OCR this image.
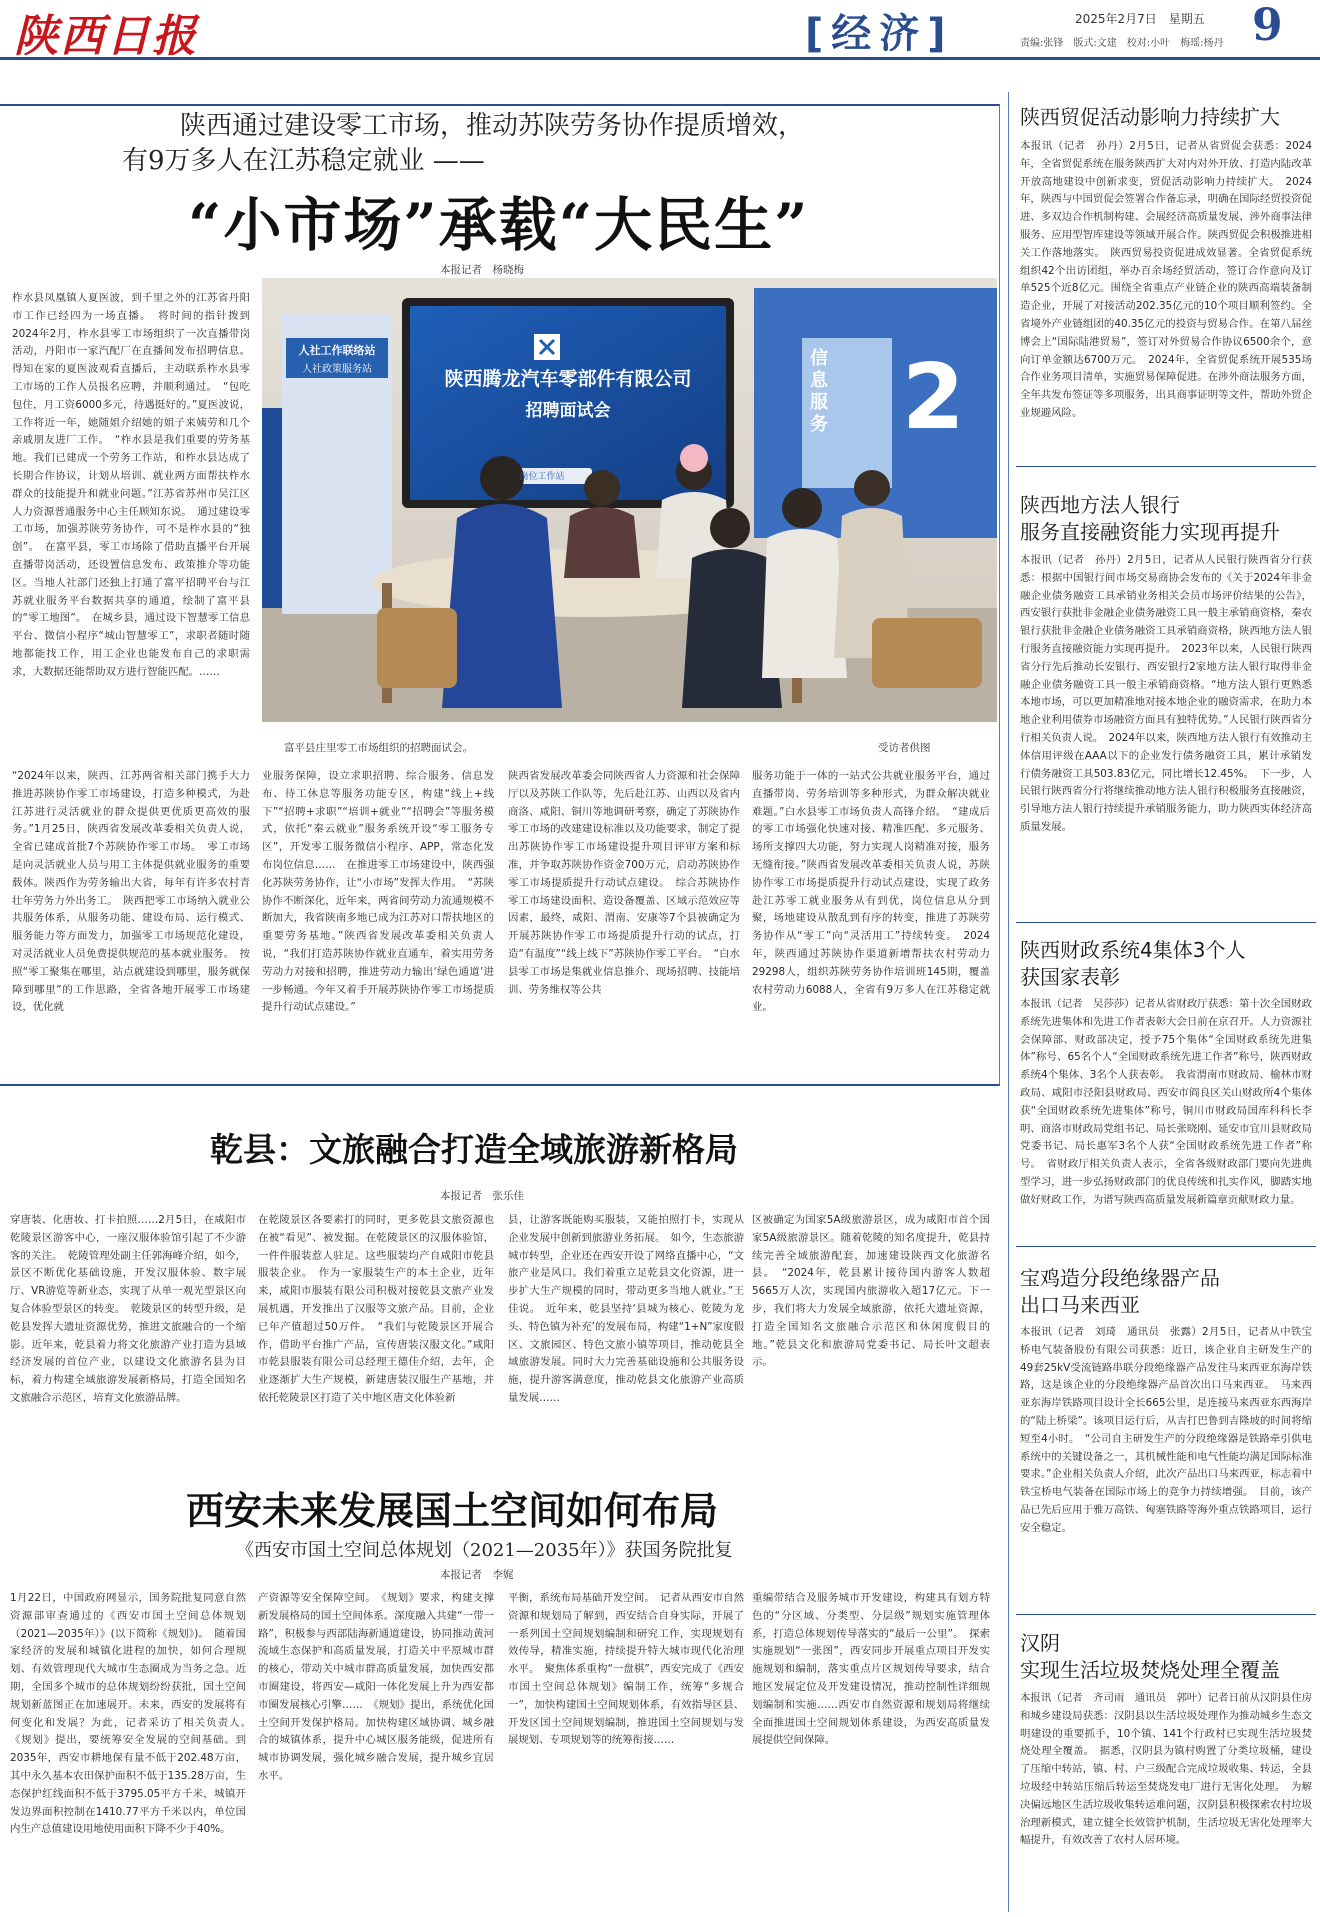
陕西日报	[经济]	2025年2月7日　星期五 9
责编:张锋　版式:文建　校对:小叶　梅瑶:杨丹
陕西通过建设零工市场，推动苏陕劳务协作提质增效，
有9万多人在江苏稳定就业 ——
“小市场”承载“大民生”
本报记者　杨晓梅
2
陕西腾龙汽车零部件有限公司
招聘面试会
岗位工作站
人社工作联络站
人社政策服务站
信息服务
富平县庄里零工市场组织的招聘面试会。	受访者供图
柞水县凤凰镇人夏医波，到千里之外的江苏省丹阳市工作已经四为一场直播。　将时间的指针拨到2024年2月，柞水县零工市场组织了一次直播带岗活动，丹阳市一家汽配厂在直播间发布招聘信息。得知在家的夏医波观看直播后，主动联系柞水县零工市场的工作人员报名应聘，并顺利通过。　“包吃包住，月工资6000多元，待遇挺好的。”夏医波说，工作将近一年，她随姐介绍她的姐子来姨劳和几个亲戚朋友进厂工作。　“柞水县是我们重要的劳务基地。我们已建成一个劳务工作站，和柞水县达成了长期合作协议，计划从培训、就业两方面帮扶柞水群众的技能提升和就业问题。”江苏省苏州市吴江区人力资源普通服务中心主任顾知东说。　通过建设零工市场，加强苏陕劳务协作，可不是柞水县的“独创”。　在富平县，零工市场除了借助直播平台开展直播带岗活动，还设置信息发布、政策推介等功能区。当地人社部门还独上打通了富平招聘平台与江苏就业服务平台数据共享的通道，绘制了富平县的“零工地图”。　在城乡县，通过设下智慧零工信息平台、微信小程序“城山智慧零工”，求职者随时随地都能找工作，用工企业也能发布自己的求职需求，大数据还能帮助双方进行智能匹配。……
“2024年以来，陕西、江苏两省相关部门携手大力推进苏陕协作零工市场建设，打造多种模式，为赴江苏进行灵活就业的群众提供更优质更高效的服务。”1月25日，陕西省发展改革委相关负责人说，全省已建成首批7个苏陕协作零工市场。　零工市场是向灵活就业人员与用工主体提供就业服务的重要载体。陕西作为劳务输出大省，每年有许多农村青壮年劳务力外出务工。　陕西把零工市场纳入就业公共服务体系，从服务功能、建设布局、运行模式、服务能力等方面发力，加强零工市场规范化建设，对灵活就业人员免费提供规范的基本就业服务。　按照“零工聚集在哪里，站点就建设到哪里，服务就保障到哪里”的工作思路，全省各地开展零工市场建设，优化就
业服务保障，设立求职招聘、综合服务、信息发布、待工休息等服务功能专区，构建“线上+线下”“招聘+求职”“培训+就业”“招聘会”等服务模式，依托“秦云就业”服务系统开设“零工服务专区”，开发零工服务微信小程序、APP，常态化发布岗位信息……　在推进零工市场建设中，陕西强化苏陕劳务协作，让“小市场”发挥大作用。　“苏陕协作不断深化，近年来，两省间劳动力流通规模不断加大，我省陕南多地已成为江苏对口帮扶地区的重要劳务基地。”陕西省发展改革委相关负责人说，“我们打造苏陕协作就业直通车，着实用劳务劳动力对接和招聘，推进劳动力输出‘绿色通道’进一步畅通。今年又着手开展苏陕协作零工市场提质提升行动试点建设。”
陕西省发展改革委会同陕西省人力资源和社会保障厅以及苏陕工作队等，先后赴江苏、山西以及省内商洛、咸阳、铜川等地调研考察，确定了苏陕协作零工市场的改建建设标准以及功能要求，制定了提出苏陕协作零工市场建设提升项目评审方案和标准，并争取苏陕协作资金700万元，启动苏陕协作零工市场提质提升行动试点建设。　综合苏陕协作零工市场建设面积、造设备覆盖、区域示范效应等因素，最终，咸阳、渭南、安康等7个县被确定为开展苏陕协作零工市场提质提升行动的试点，打造“有温度”“线上线下”苏陕协作零工平台。　“白水县零工市场是集就业信息推介、现场招聘、技能培训、劳务维权等公共
服务功能于一体的一站式公共就业服务平台，通过直播带岗、劳务培训等多种形式，为群众解决就业难题。”白水县零工市场负责人高锋介绍。　“建成后的零工市场强化快速对接、精准匹配、多元服务、场所支撑四大功能，努力实现人岗精准对接，服务无缝衔接。”陕西省发展改革委相关负责人说，苏陕协作零工市场提质提升行动试点建设，实现了政务赴江苏零工就业服务从有到优，岗位信息从分到聚，场地建设从散乱到有序的转变，推进了苏陕劳务协作从“零工”向“灵活用工”持续转变。　2024年，陕西通过苏陕协作渠道新增帮扶农村劳动力29298人，组织苏陕劳务协作培训班145期，覆盖农村劳动力6088人，全省有9万多人在江苏稳定就业。
乾县：文旅融合打造全域旅游新格局
本报记者　张乐佳
穿唐装、化唐妆、打卡拍照……2月5日，在咸阳市乾陵景区游客中心，一座汉服体验馆引起了不少游客的关注。　乾陵管理处副主任郭海峰介绍，如今，景区不断优化基础设施，开发汉服体验、数字展厅、VR游览等新业态，实现了从单一观光型景区向复合体验型景区的转变。　乾陵景区的转型升级，是乾县发挥大遗址资源优势，推进文旅融合的一个缩影。近年来，乾县着力将文化旅游产业打造为县域经济发展的首位产业，以建设文化旅游名县为目标，着力构建全域旅游发展新格局，打造全国知名文旅融合示范区，培育文化旅游品牌。
在乾陵景区各要素打的同时，更多乾县文旅资源也在被“看见”、被发掘。在乾陵景区的汉服体验馆，一件件服装惹人驻足。这些服装均产自咸阳市乾县服装企业。　作为一家服装生产的本土企业，近年来，咸阳市服装有限公司积极对接乾县文旅产业发展机遇，开发推出了汉服等文旅产品。目前，企业已年产值超过50万件。　“我们与乾陵景区开展合作，借助平台推广产品，宣传唐装汉服文化。”咸阳市乾县服装有限公司总经理王德佳介绍，去年，企业逐渐扩大生产规模，新建唐装汉服生产基地，并依托乾陵景区打造了关中地区唐文化体验新
县，让游客既能购买服装，又能拍照打卡，实现从企业发展中创新到旅游业务拓展。　如今，生态旅游城市转型，企业还在西安开设了网络直播中心，“文旅产业是风口。我们着重立足乾县文化资源，进一步扩大生产规模的同时，带动更多当地人就业。”王佳说。　近年来，乾县坚持‘县城为核心、乾陵为龙头、特色镇为补充’的发展布局，构建“1+N”家度假区、文旅园区、特色文旅小镇等项目，推动乾县全域旅游发展。同时大力完善基础设施和公共服务设施，提升游客满意度，推动乾县文化旅游产业高质量发展……
区被确定为国家5A级旅游景区，成为咸阳市首个国家5A级旅游景区。随着乾陵的知名度提升，乾县持续完善全域旅游配套，加速建设陕西文化旅游名县。　“2024年，乾县累计接待国内游客人数超5665万人次，实现国内旅游收入超17亿元。下一步，我们将大力发展全域旅游，依托大遗址资源，打造全国知名文旅融合示范区和休闲度假目的地。”乾县文化和旅游局党委书记、局长叶文超表示。
西安未来发展国土空间如何布局
《西安市国土空间总体规划（2021—2035年）》获国务院批复
本报记者　李娓
1月22日，中国政府网显示，国务院批复同意自然资源部审查通过的《西安市国土空间总体规划（2021—2035年）》(以下简称《规划》)。　随着国家经济的发展和城镇化进程的加快，如何合理规划、有效管理现代大城市生态圈成为当务之急。近期，全国多个城市的总体规划纷纷获批，国土空间规划新蓝图正在加速展开。未来，西安的发展将有何变化和发展？为此，记者采访了相关负责人。　《规划》提出，要统筹安全发展的空间基础。到2035年，西安市耕地保有量不低于202.48万亩，其中永久基本农田保护面积不低于135.28万亩，生态保护红线面积不低于3795.05平方千米，城镇开发边界面积控制在1410.77平方千米以内，单位国内生产总值建设用地使用面积下降不少于40%。
产资源等安全保障空间。　《规划》要求，构建支撑新发展格局的国土空间体系。深度融入共建“一带一路”，积极参与西部陆海新通道建设，协同推动黄河流域生态保护和高质量发展，打造关中平原城市群的核心，带动关中城市群高质量发展，加快西安都市圈建设，将西安—咸阳一体化发展上升为西安都市圈发展核心引擎……　《规划》提出，系统优化国土空间开发保护格局。加快构建区域协调、城乡融合的城镇体系，提升中心城区服务能级，促进所有城市协调发展，强化城乡融合发展，提升城乡宜居水平。
平衡，系统布局基础开发空间。　记者从西安市自然资源和规划局了解到，西安结合自身实际，开展了一系列国土空间规划编制和研究工作，实现规划有效传导，精准实施，持续提升特大城市现代化治理水平。　聚焦体系重构“一盘棋”，西安完成了《西安市国土空间总体规划》编制工作，统筹“多规合一”，加快构建国土空间规划体系，有效指导区县、开发区国土空间规划编制，推进国土空间规划与发展规划、专项规划等的统筹衔接……
重编带结合及服务城市开发建设，构建具有划方特色的“分区域、分类型、分层级”规划实施管理体系，打造总体规划传导落实的“最后一公里”。　探索实施规划“一张图”，西安同步开展重点项目开发实施规划和编制，落实重点片区规划传导要求，结合地区发展定位及开发建设情况，推动控制性详细规划编制和实施……西安市自然资源和规划局将继续全面推进国土空间规划体系建设，为西安高质量发展提供空间保障。
陕西贸促活动影响力持续扩大
本报讯（记者　孙丹）2月5日，记者从省贸促会获悉：2024年，全省贸促系统在服务陕西扩大对内对外开放、打造内陆改革开放高地建设中创新求变，贸促活动影响力持续扩大。　2024年，陕西与中国贸促会签署合作备忘录，明确在国际经贸投资促进、多双边合作机制构建、会展经济高质量发展、涉外商事法律服务、应用型智库建设等领域开展合作。陕西贸促会积极推进相关工作落地落实。　陕西贸易投资促进成效显著。全省贸促系统组织42个出访团组，举办百余场经贸活动，签订合作意向及订单525个近8亿元。围绕全省重点产业链企业的陕西高端装备制造企业，开展了对接活动202.35亿元的10个项目顺利签约。全省境外产业链组团的40.35亿元的投资与贸易合作。在第八届丝博会上“国际陆港贸易”，签订对外贸易合作协议6500余个，意向订单金额达6700万元。　2024年，全省贸促系统开展535场合作业务项目清单，实施贸易保障促进。在涉外商法服务方面，全年共发布签证等多项服务，出具商事证明等文件，帮助外贸企业规避风险。
陕西地方法人银行
服务直接融资能力实现再提升
本报讯（记者　孙丹）2月5日，记者从人民银行陕西省分行获悉：根据中国银行间市场交易商协会发布的《关于2024年非金融企业债务融资工具承销业务相关会员市场评价结果的公告》，西安银行获批非金融企业债务融资工具一般主承销商资格，秦农银行获批非金融企业债务融资工具承销商资格，陕西地方法人银行服务直接融资能力实现再提升。　2023年以来，人民银行陕西省分行先后推动长安银行、西安银行2家地方法人银行取得非金融企业债务融资工具一般主承销商资格。“地方法人银行更熟悉本地市场，可以更加精准地对接本地企业的融资需求，在助力本地企业利用债券市场融资方面具有独特优势。”人民银行陕西省分行相关负责人说。　2024年以来，陕西地方法人银行有效推动主体信用评级在AAA以下的企业发行债务融资工具，累计承销发行债务融资工具503.83亿元，同比增长12.45%。　下一步，人民银行陕西省分行将继续推动地方法人银行积极服务直接融资，引导地方法人银行持续提升承销服务能力，助力陕西实体经济高质量发展。
陕西财政系统4集体3个人
获国家表彰
本报讯（记者　吴莎莎）记者从省财政厅获悉：第十次全国财政系统先进集体和先进工作者表彰大会日前在京召开。人力资源社会保障部、财政部决定，授予75个集体“全国财政系统先进集体”称号、65名个人“全国财政系统先进工作者”称号，陕西财政系统4个集体、3名个人获表彰。　我省渭南市财政局、榆林市财政局、咸阳市泾阳县财政局、西安市阎良区关山财政所4个集体获“全国财政系统先进集体”称号，铜川市财政局国库科科长李明、商洛市财政局党组书记、局长张晓刚、延安市宜川县财政局党委书记、局长惠军3名个人获“全国财政系统先进工作者”称号。　省财政厅相关负责人表示，全省各级财政部门要向先进典型学习，进一步弘扬财政部门的优良传统和扎实作风，脚踏实地做好财政工作，为谱写陕西高质量发展新篇章贡献财政力量。
宝鸡造分段绝缘器产品
出口马来西亚
本报讯（记者　刘琦　通讯员　张露）2月5日，记者从中铁宝桥电气装备股份有限公司获悉：近日，该企业自主研发生产的49套25kV受流链路串联分段绝缘器产品发往马来西亚东海岸铁路，这是该企业的分段绝缘器产品首次出口马来西亚。　马来西亚东海岸铁路项目设计全长665公里，是连接马来西亚东西海岸的“陆上桥梁”。该项目运行后，从吉打巴鲁到吉隆坡的时间将缩短至4小时。　“公司自主研发生产的分段绝缘器是铁路牵引供电系统中的关键设备之一，其机械性能和电气性能均满足国际标准要求。”企业相关负责人介绍，此次产品出口马来西亚，标志着中铁宝桥电气装备在国际市场上的竞争力持续增强。　目前，该产品已先后应用于雅万高铁、匈塞铁路等海外重点铁路项目，运行安全稳定。
汉阴
实现生活垃圾焚烧处理全覆盖
本报讯（记者　齐司雨　通讯员　郭叶）记者日前从汉阴县住房和城乡建设局获悉：汉阴县以生活垃圾处理作为推动城乡生态文明建设的重要抓手，10个镇、141个行政村已实现生活垃圾焚烧处理全覆盖。　据悉，汉阴县为镇村购置了分类垃圾桶，建设了压缩中转站，镇、村、户三级配合完成垃圾收集、转运，全县垃圾经中转站压缩后转运至焚烧发电厂进行无害化处理。　为解决偏远地区生活垃圾收集转运难问题，汉阴县积极探索农村垃圾治理新模式，建立健全长效管护机制，生活垃圾无害化处理率大幅提升，有效改善了农村人居环境。
